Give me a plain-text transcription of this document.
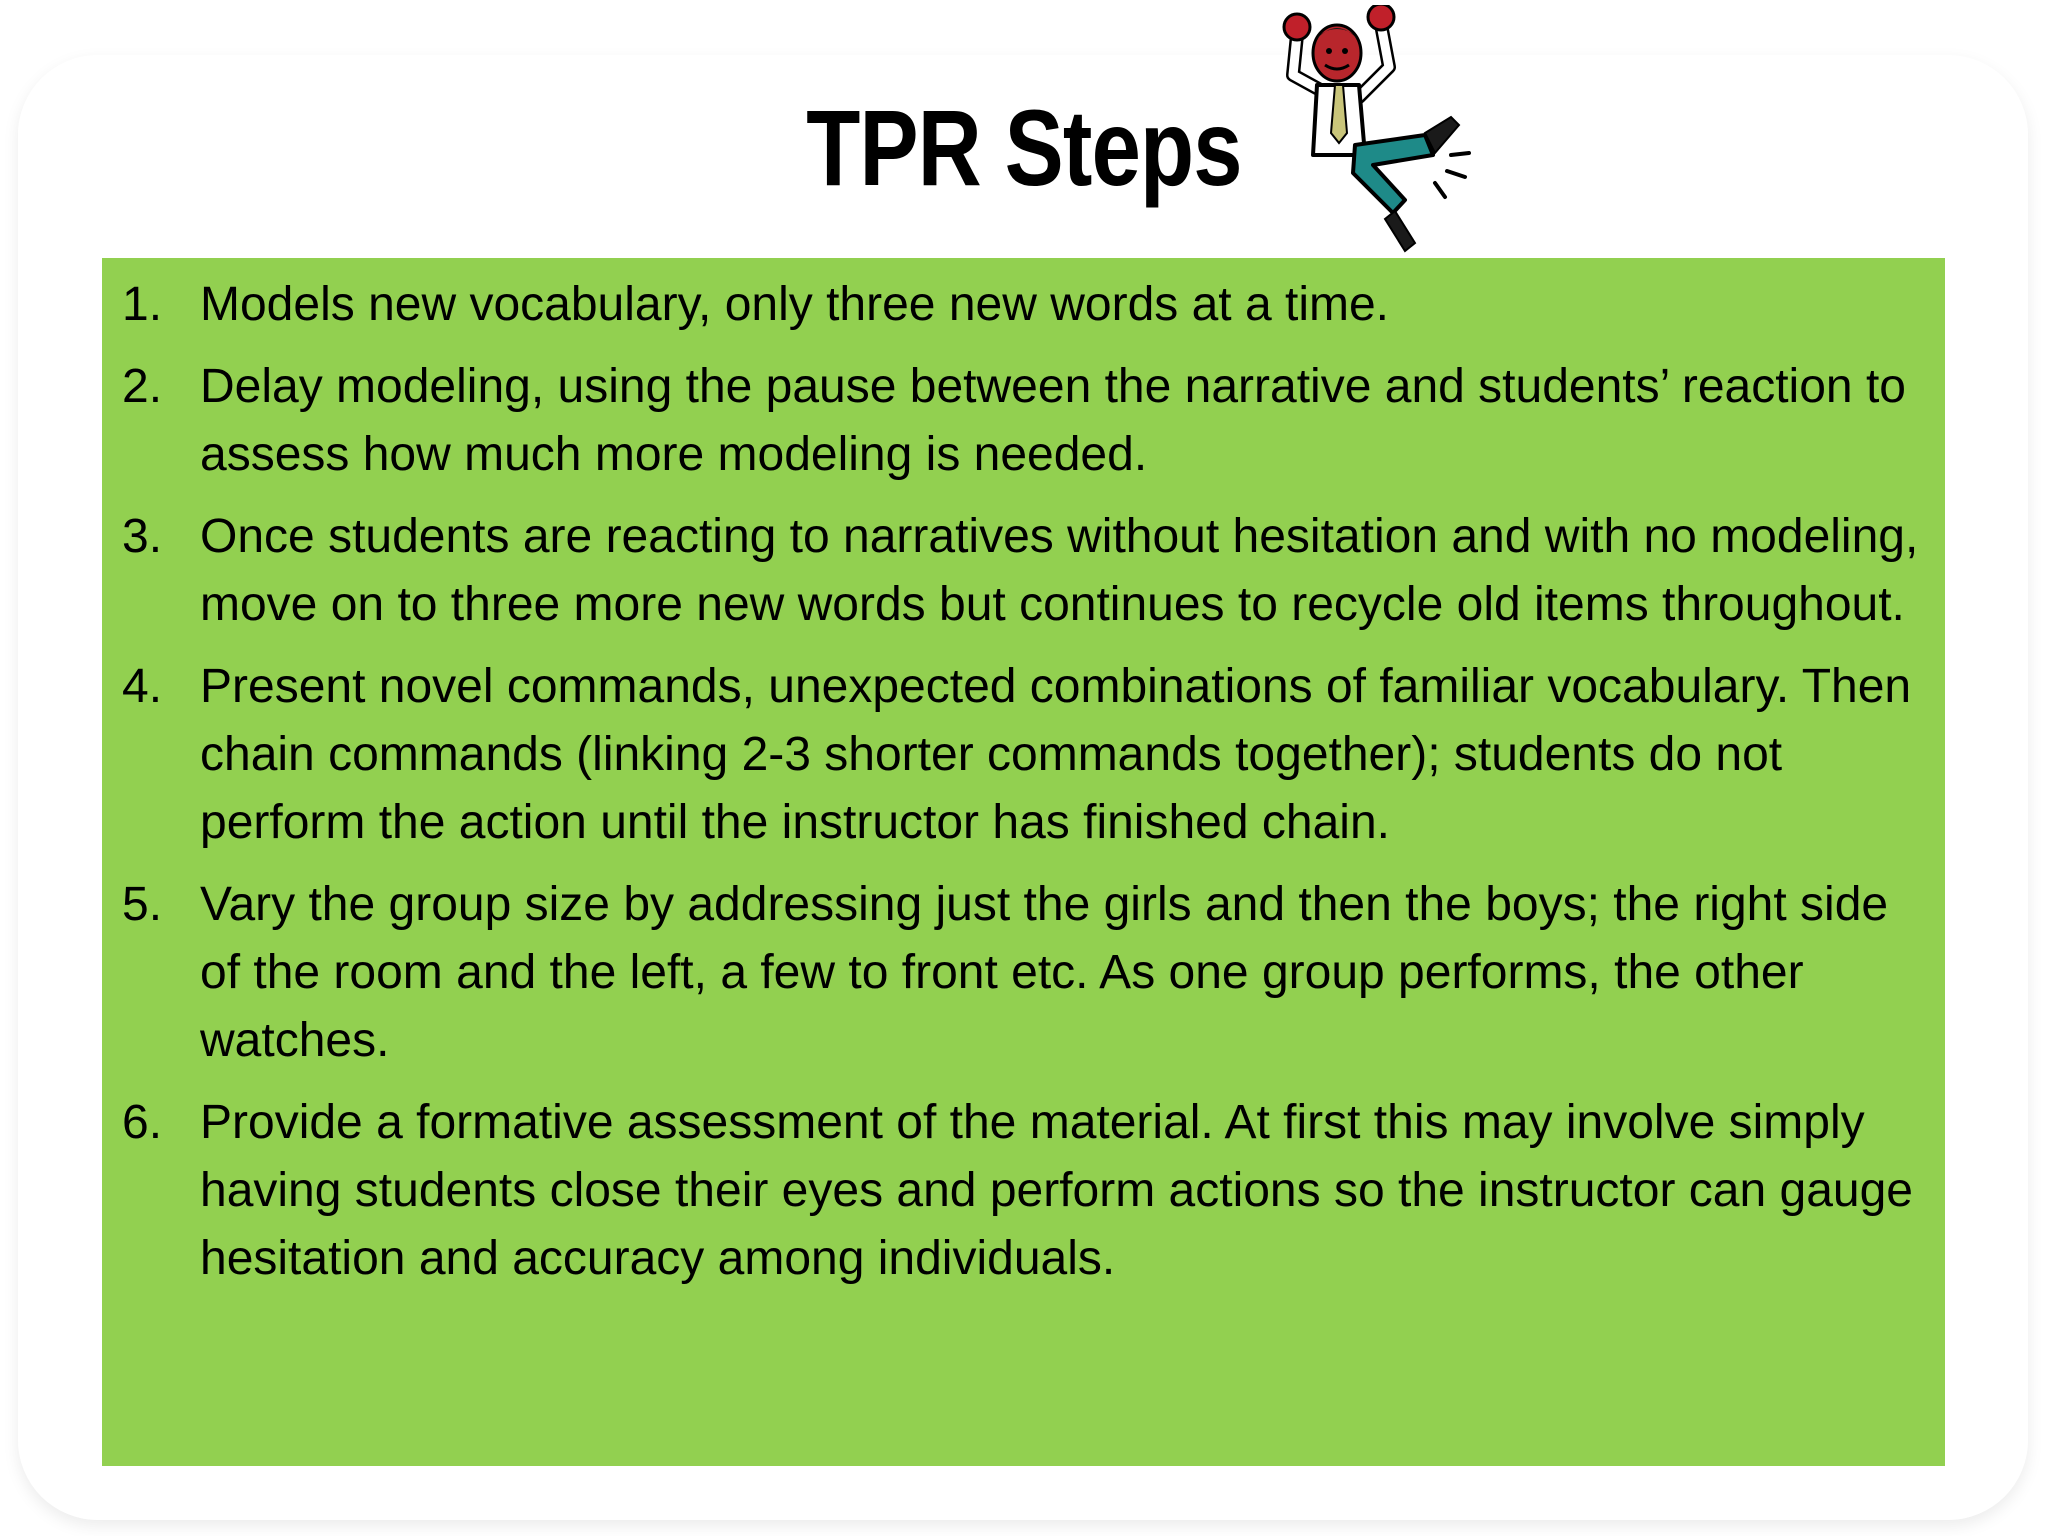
TPR Steps
1. Models new vocabulary, only three new words at a time.
2. Delay modeling, using the pause between the narrative and students’ reaction to assess how much more modeling is needed.
3. Once students are reacting to narratives without hesitation and with no modeling, move on to three more new words but continues to recycle old items throughout.
4. Present novel commands, unexpected combinations of familiar vocabulary. Then chain commands (linking 2-3 shorter commands together); students do not perform the action until the instructor has finished chain.
5. Vary the group size by addressing just the girls and then the boys; the right side of the room and the left, a few to front etc. As one group performs, the other watches.
6. Provide a formative assessment of the material. At first this may involve simply having students close their eyes and perform actions so the instructor can gauge hesitation and accuracy among individuals.
